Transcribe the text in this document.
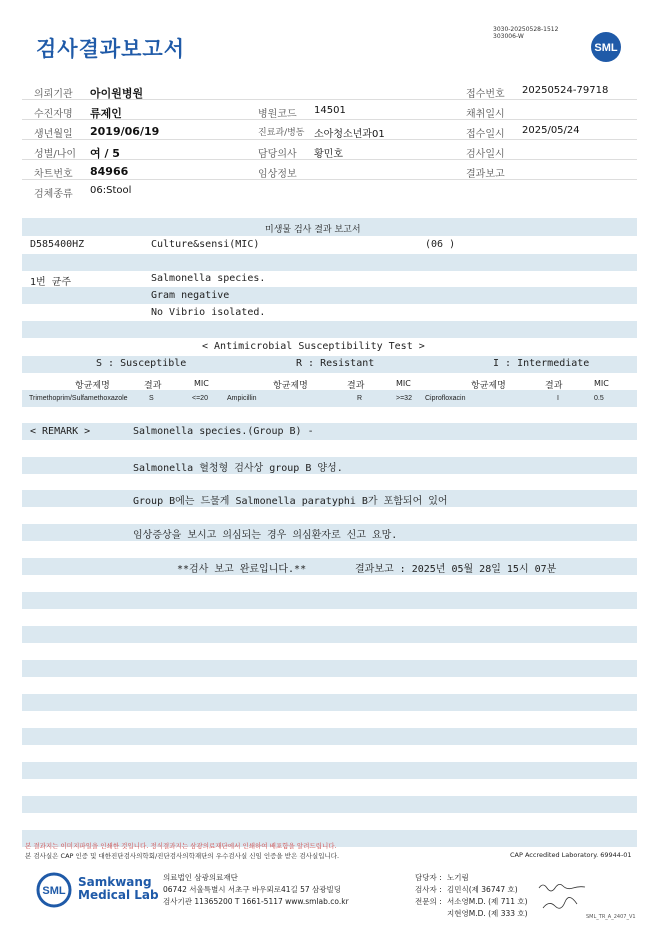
검사결과보고서
3030-20250528-1512
303006-W
SML
의뢰기관 아이원병원	접수번호 20250524-79718
수진자명 류제인	병원코드 14501	채취일시
생년월일 2019/06/19	진료과/병동 소아청소년과01	접수일시 2025/05/24
성별/나이 여 / 5	담당의사 황민호	검사일시
차트번호 84966	임상정보	결과보고
검체종류 06:Stool
미생물 검사 결과 보고서
D585400HZ	Culture&sensi(MIC)	(06 )
1번 균주	Salmonella species.
Gram negative
No Vibrio isolated.
< Antimicrobial Susceptibility Test >
S : Susceptible	R : Resistant	I : Intermediate
항균제명	결과	MIC	항균제명	결과	MIC	항균제명	결과	MIC
Trimethoprim/Sulfamethoxazole	S	<=20	Ampicillin	R	>=32 Ciprofloxacin	I	0.5
< REMARK >	Salmonella species.(Group B) -
Salmonella 혈청형 검사상 group B 양성.
Group B에는 드물게 Salmonella paratyphi B가 포함되어 있어
임상증상을 보시고 의심되는 경우 의심환자로 신고 요망.
**검사 보고 완료입니다.**	결과보고 : 2025년 05월 28일 15시 07분
본 결과지는 이미지파일을 인쇄한 것입니다. 정식결과지는 삼광의료재단에서 인쇄하여 배포함을 알려드립니다.
본 검사실은 CAP 인증 및 대한진단검사의학회/진단검사의학재단의 우수검사실 신임 인증을 받은 검사실입니다.	CAP Accredited Laboratory. 69944-01
SML
Samkwang
Medical Lab
의료법인 삼광의료재단
06742 서울특별시 서초구 바우뫼로41길 57 삼광빌딩
검사기관 11365200 T 1661-5117 www.smlab.co.kr
담당자 : 노기림
검사자 : 김민식(제 36747 호)
전문의 : 서소영M.D. (제 711 호)
지현영M.D. (제 333 호)	SML_TR_A_2407_V1
